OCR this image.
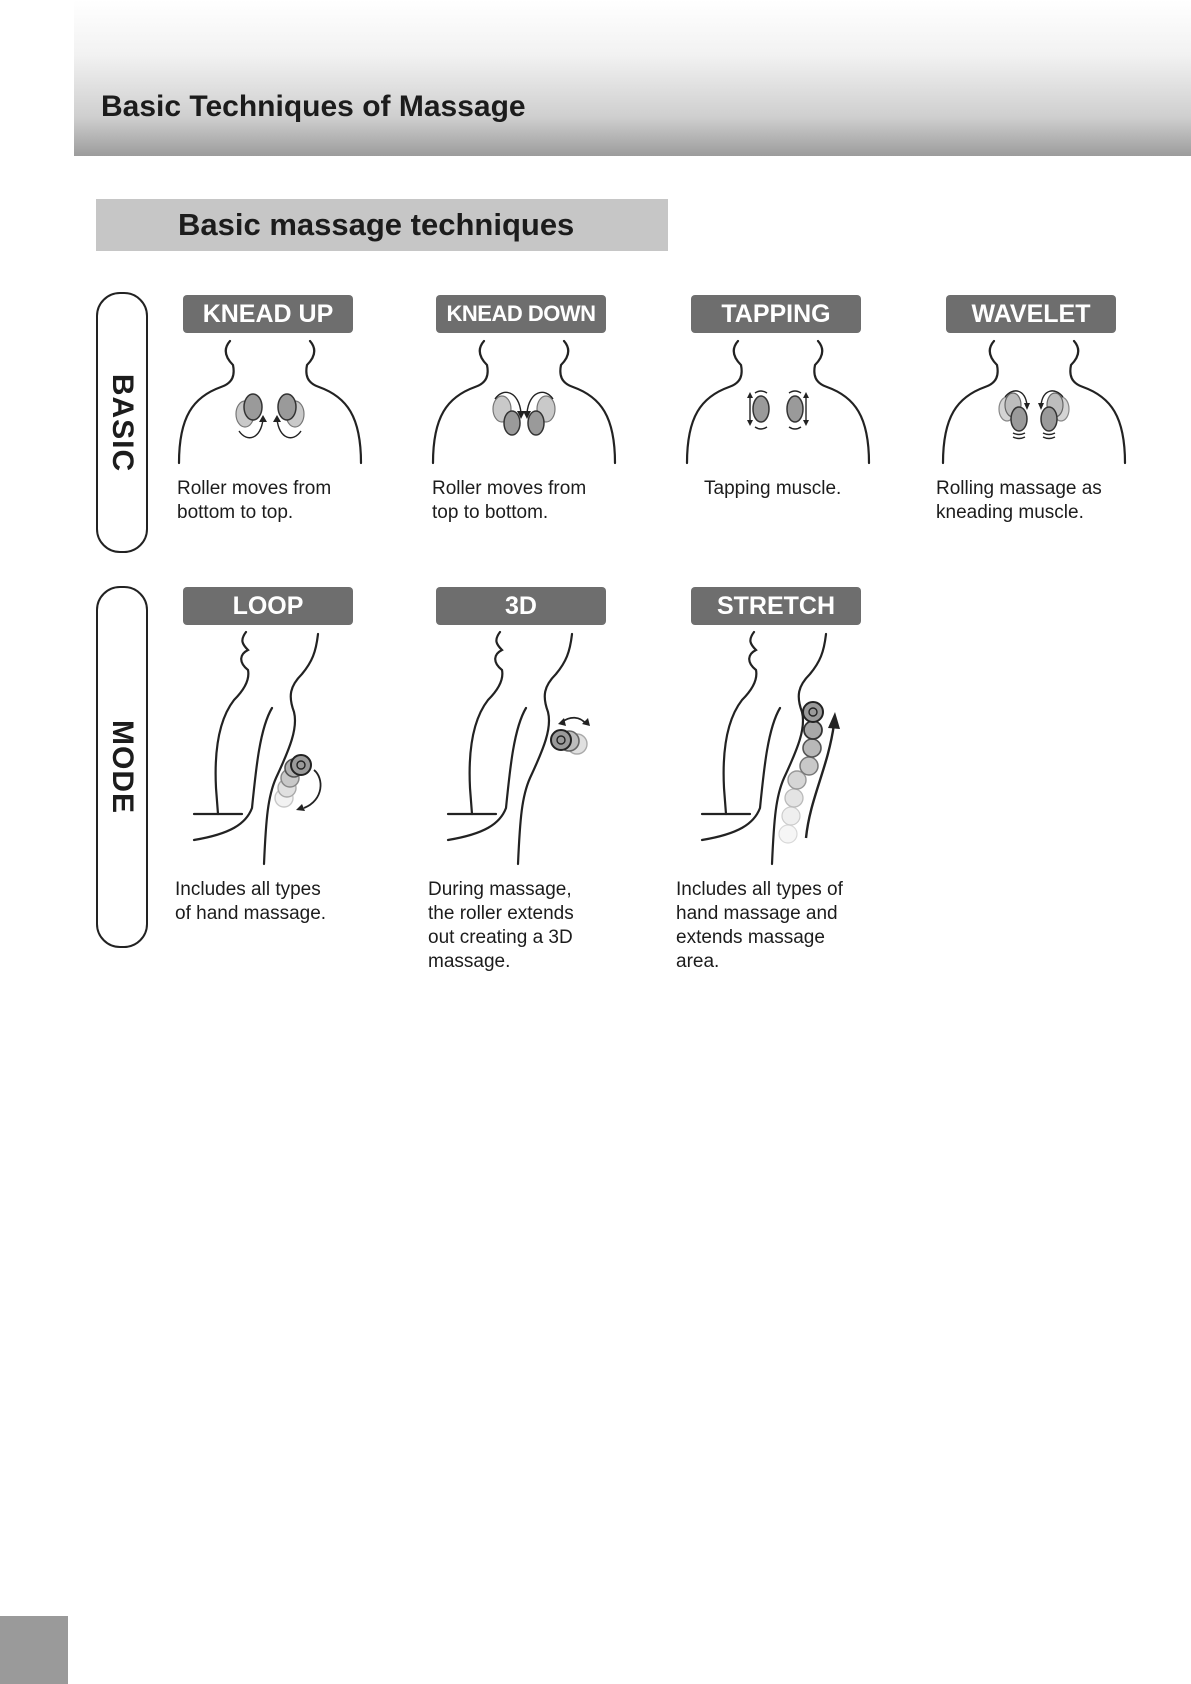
Basic Techniques of Massage
Basic massage techniques
BASIC
MODE
KNEAD UP
Roller moves from
bottom to top.
KNEAD DOWN
Roller moves from
top to bottom.
TAPPING
Tapping muscle.
WAVELET
Rolling massage as
kneading muscle.
LOOP
Includes all types
of hand massage.
3D
During massage,
the roller extends
out creating a 3D
massage.
STRETCH
Includes all types of
hand massage and
extends massage
area.
